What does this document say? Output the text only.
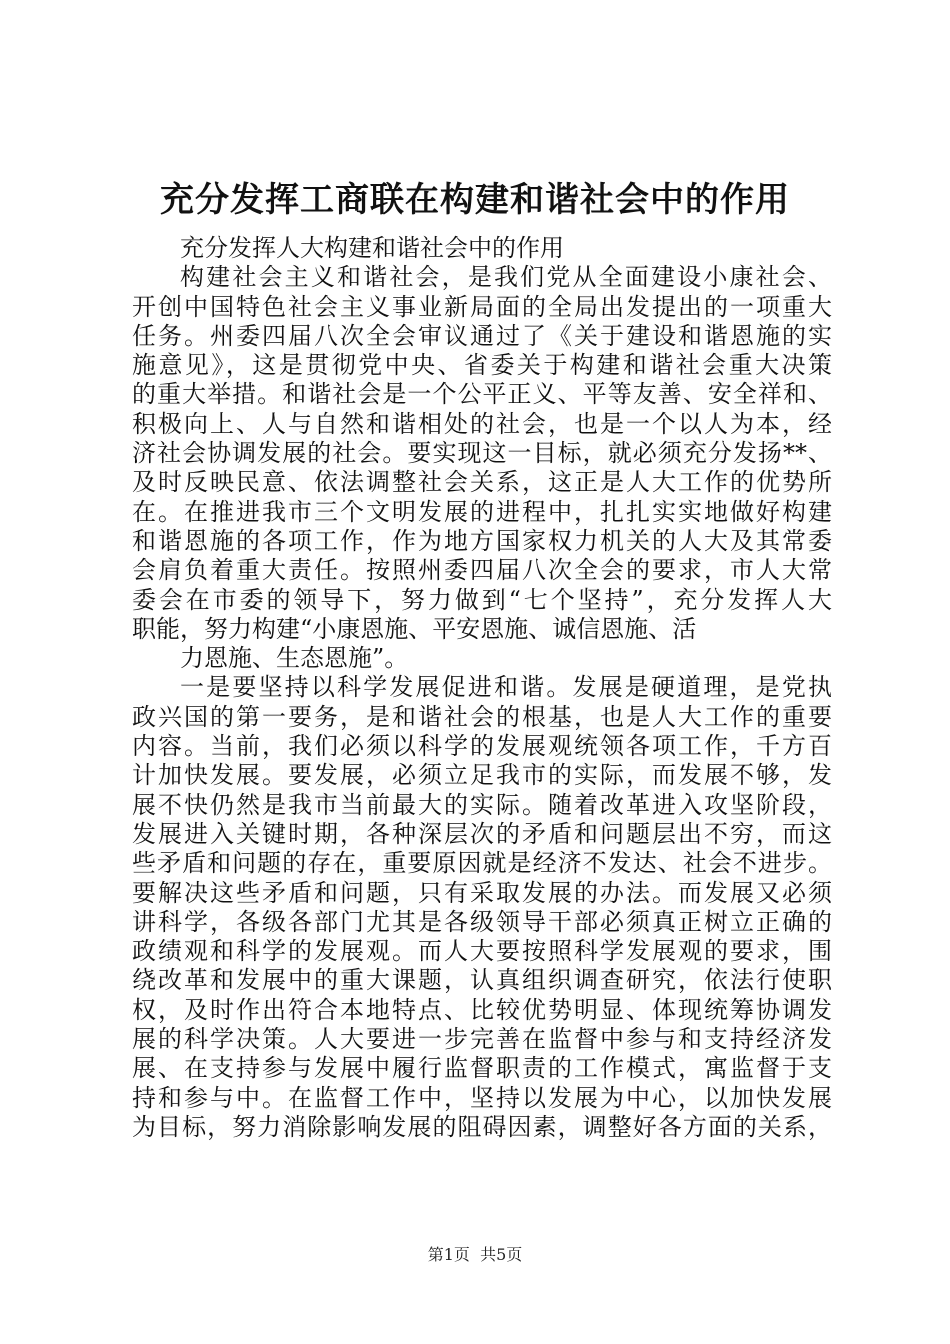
充分发挥工商联在构建和谐社会中的作用
充分发挥人大构建和谐社会中的作用
构建社会主义和谐社会，是我们党从全面建设小康社会、
开创中国特色社会主义事业新局面的全局出发提出的一项重大
任务。州委四届八次全会审议通过了《关于建设和谐恩施的实
施意见》，这是贯彻党中央、省委关于构建和谐社会重大决策
的重大举措。和谐社会是一个公平正义、平等友善、安全祥和、
积极向上、人与自然和谐相处的社会，也是一个以人为本，经
济社会协调发展的社会。要实现这一目标，就必须充分发扬**、
及时反映民意、依法调整社会关系，这正是人大工作的优势所
在。在推进我市三个文明发展的进程中，扎扎实实地做好构建
和谐恩施的各项工作，作为地方国家权力机关的人大及其常委
会肩负着重大责任。按照州委四届八次全会的要求，市人大常
委会在市委的领导下，努力做到“七个坚持”，充分发挥人大
职能，努力构建“小康恩施、平安恩施、诚信恩施、活
力恩施、生态恩施”。
一是要坚持以科学发展促进和谐。发展是硬道理，是党执
政兴国的第一要务，是和谐社会的根基，也是人大工作的重要
内容。当前，我们必须以科学的发展观统领各项工作，千方百
计加快发展。要发展，必须立足我市的实际，而发展不够，发
展不快仍然是我市当前最大的实际。随着改革进入攻坚阶段，
发展进入关键时期，各种深层次的矛盾和问题层出不穷，而这
些矛盾和问题的存在，重要原因就是经济不发达、社会不进步。
要解决这些矛盾和问题，只有采取发展的办法。而发展又必须
讲科学，各级各部门尤其是各级领导干部必须真正树立正确的
政绩观和科学的发展观。而人大要按照科学发展观的要求，围
绕改革和发展中的重大课题，认真组织调查研究，依法行使职
权，及时作出符合本地特点、比较优势明显、体现统筹协调发
展的科学决策。人大要进一步完善在监督中参与和支持经济发
展、在支持参与发展中履行监督职责的工作模式，寓监督于支
持和参与中。在监督工作中，坚持以发展为中心，以加快发展
为目标，努力消除影响发展的阻碍因素，调整好各方面的关系，
第1页 共5页
